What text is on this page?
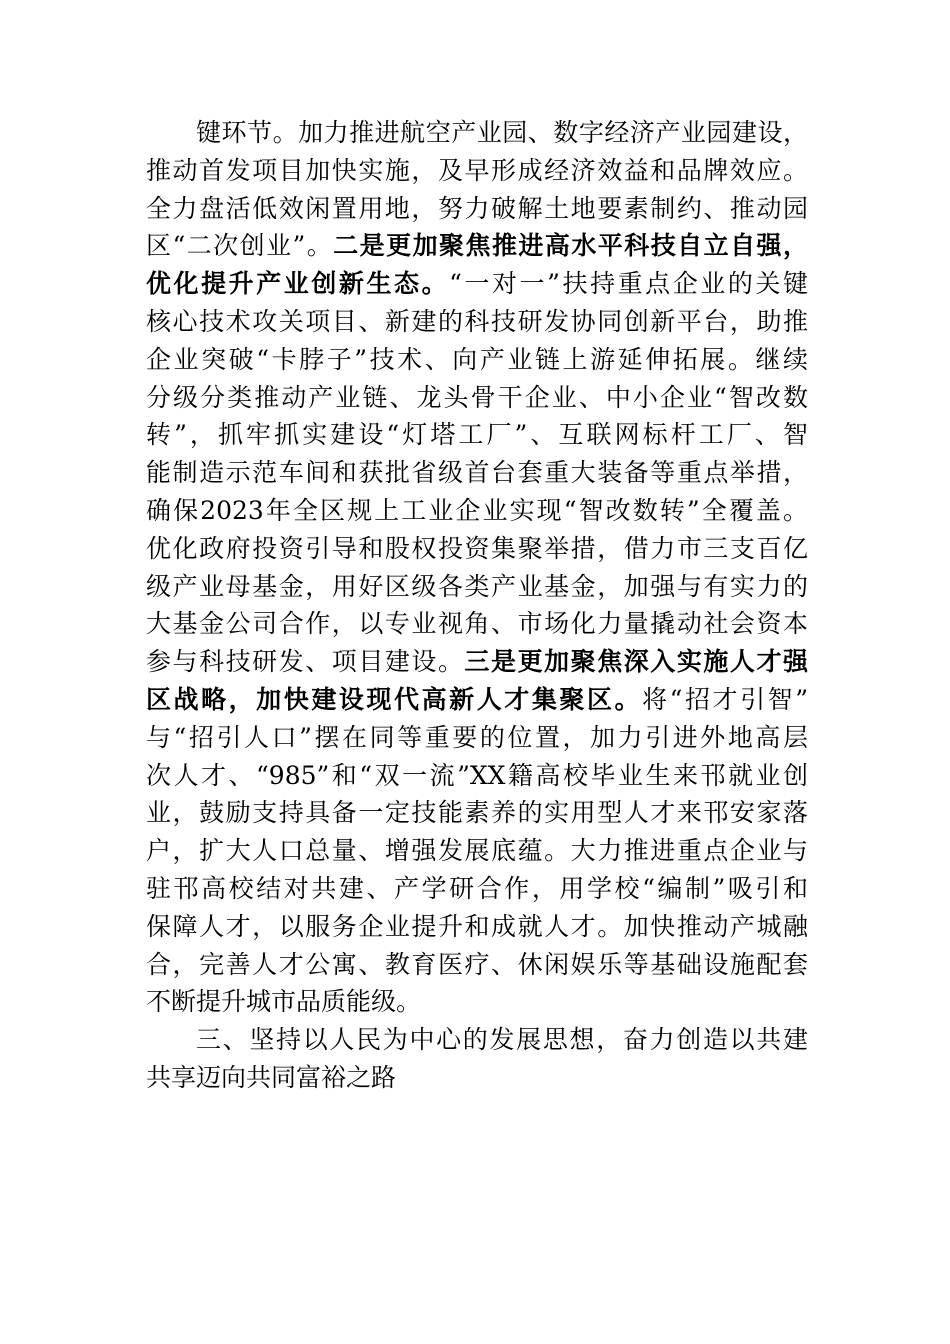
键环节。加力推进航空产业园、数字经济产业园建设，
推动首发项目加快实施，及早形成经济效益和品牌效应。
全力盘活低效闲置用地，努力破解土地要素制约、推动园
区“二次创业”。二是更加聚焦推进高水平科技自立自强，
优化提升产业创新生态。“一对一”扶持重点企业的关键
核心技术攻关项目、新建的科技研发协同创新平台，助推
企业突破“卡脖子”技术、向产业链上游延伸拓展。继续
分级分类推动产业链、龙头骨干企业、中小企业“智改数
转”，抓牢抓实建设“灯塔工厂”、互联网标杆工厂、智
能制造示范车间和获批省级首台套重大装备等重点举措，
确保2023年全区规上工业企业实现“智改数转”全覆盖。
优化政府投资引导和股权投资集聚举措，借力市三支百亿
级产业母基金，用好区级各类产业基金，加强与有实力的
大基金公司合作，以专业视角、市场化力量撬动社会资本
参与科技研发、项目建设。三是更加聚焦深入实施人才强
区战略，加快建设现代高新人才集聚区。将“招才引智”
与“招引人口”摆在同等重要的位置，加力引进外地高层
次人才、“985”和“双一流”XX籍高校毕业生来邗就业创
业，鼓励支持具备一定技能素养的实用型人才来邗安家落
户，扩大人口总量、增强发展底蕴。大力推进重点企业与
驻邗高校结对共建、产学研合作，用学校“编制”吸引和
保障人才，以服务企业提升和成就人才。加快推动产城融
合，完善人才公寓、教育医疗、休闲娱乐等基础设施配套
不断提升城市品质能级。
三、坚持以人民为中心的发展思想，奋力创造以共建
共享迈向共同富裕之路
